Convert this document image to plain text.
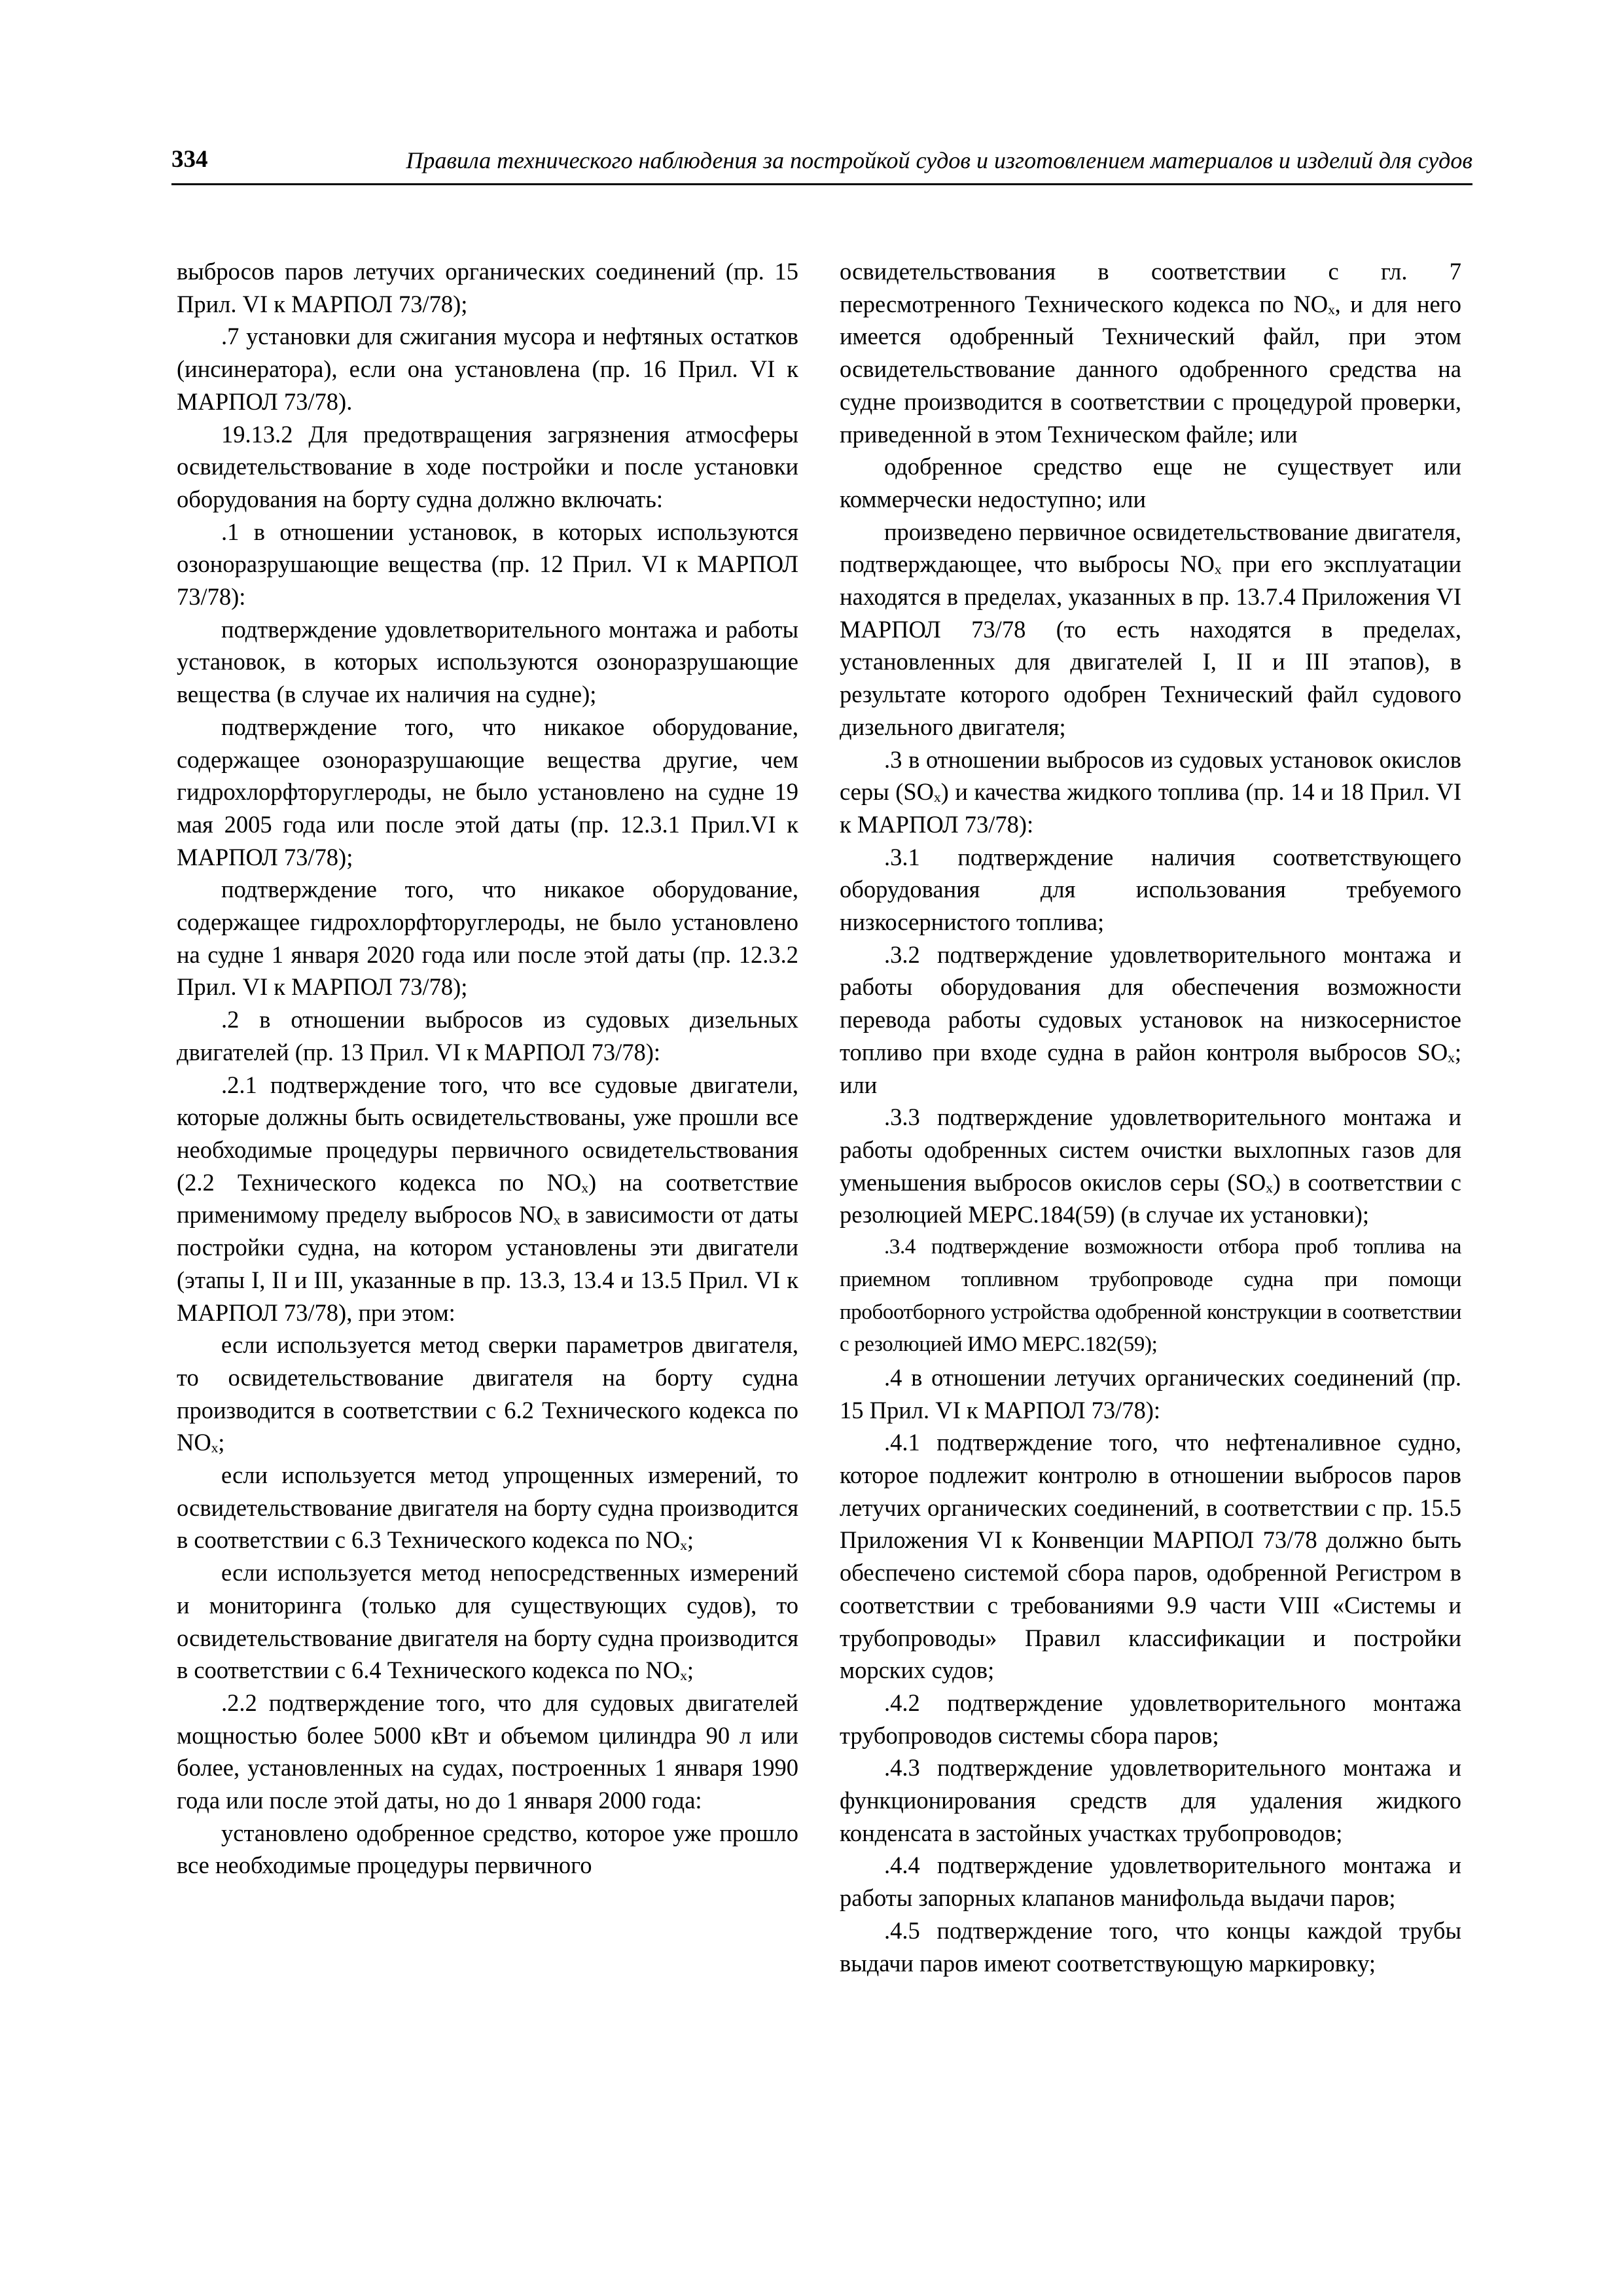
334	Правила технического наблюдения за постройкой судов и изготовлением материалов и изделий для судов

выбросов паров летучих органических соединений (пр. 15 Прил. VI к МАРПОЛ 73/78);

.7 установки для сжигания мусора и нефтяных остатков (инсинератора), если она установлена (пр. 16 Прил. VI к МАРПОЛ 73/78).

19.13.2 Для предотвращения загрязнения атмосферы освидетельствование в ходе постройки и после установки оборудования на борту судна должно включать:

.1 в отношении установок, в которых используются озоноразрушающие вещества (пр. 12 Прил. VI к МАРПОЛ 73/78):

подтверждение удовлетворительного монтажа и работы установок, в которых используются озоноразрушающие вещества (в случае их наличия на судне);

подтверждение того, что никакое оборудование, содержащее озоноразрушающие вещества другие, чем гидрохлорфторуглероды, не было установлено на судне 19 мая 2005 года или после этой даты (пр. 12.3.1 Прил.VI к МАРПОЛ 73/78);

подтверждение того, что никакое оборудование, содержащее гидрохлорфторуглероды, не было установлено на судне 1 января 2020 года или после этой даты (пр. 12.3.2 Прил. VI к МАРПОЛ 73/78);

.2 в отношении выбросов из судовых дизельных двигателей (пр. 13 Прил. VI к МАРПОЛ 73/78):

.2.1 подтверждение того, что все судовые двигатели, которые должны быть освидетельствованы, уже прошли все необходимые процедуры первичного освидетельствования (2.2 Технического кодекса по NOₓ) на соответствие применимому пределу выбросов NOₓ в зависимости от даты постройки судна, на котором установлены эти двигатели (этапы I, II и III, указанные в пр. 13.3, 13.4 и 13.5 Прил. VI к МАРПОЛ 73/78), при этом:

если используется метод сверки параметров двигателя, то освидетельствование двигателя на борту судна производится в соответствии с 6.2 Технического кодекса по NOₓ;

если используется метод упрощенных измерений, то освидетельствование двигателя на борту судна производится в соответствии с 6.3 Технического кодекса по NOₓ;

если используется метод непосредственных измерений и мониторинга (только для существующих судов), то освидетельствование двигателя на борту судна производится в соответствии с 6.4 Технического кодекса по NOₓ;

.2.2 подтверждение того, что для судовых двигателей мощностью более 5000 кВт и объемом цилиндра 90 л или более, установленных на судах, построенных 1 января 1990 года или после этой даты, но до 1 января 2000 года:

установлено одобренное средство, которое уже прошло все необходимые процедуры первичного

освидетельствования в соответствии с гл. 7 пересмотренного Технического кодекса по NOₓ, и для него имеется одобренный Технический файл, при этом освидетельствование данного одобренного средства на судне производится в соответствии с процедурой проверки, приведенной в этом Техническом файле; или

одобренное средство еще не существует или коммерчески недоступно; или

произведено первичное освидетельствование двигателя, подтверждающее, что выбросы NOₓ при его эксплуатации находятся в пределах, указанных в пр. 13.7.4 Приложения VI МАРПОЛ 73/78 (то есть находятся в пределах, установленных для двигателей I, II и III этапов), в результате которого одобрен Технический файл судового дизельного двигателя;

.3 в отношении выбросов из судовых установок окислов серы (SOₓ) и качества жидкого топлива (пр. 14 и 18 Прил. VI к МАРПОЛ 73/78):

.3.1 подтверждение наличия соответствующего оборудования для использования требуемого низкосернистого топлива;

.3.2 подтверждение удовлетворительного монтажа и работы оборудования для обеспечения возможности перевода работы судовых установок на низкосернистое топливо при входе судна в район контроля выбросов SOₓ; или

.3.3 подтверждение удовлетворительного монтажа и работы одобренных систем очистки выхлопных газов для уменьшения выбросов окислов серы (SOₓ) в соответствии с резолюцией MEPC.184(59) (в случае их установки);

.3.4 подтверждение возможности отбора проб топлива на приемном топливном трубопроводе судна при помощи пробоотборного устройства одобренной конструкции в соответствии с резолюцией ИМО MEPC.182(59);

.4 в отношении летучих органических соединений (пр. 15 Прил. VI к МАРПОЛ 73/78):

.4.1 подтверждение того, что нефтеналивное судно, которое подлежит контролю в отношении выбросов паров летучих органических соединений, в соответствии с пр. 15.5 Приложения VI к Конвенции МАРПОЛ 73/78 должно быть обеспечено системой сбора паров, одобренной Регистром в соответствии с требованиями 9.9 части VIII «Системы и трубопроводы» Правил классификации и постройки морских судов;

.4.2 подтверждение удовлетворительного монтажа трубопроводов системы сбора паров;

.4.3 подтверждение удовлетворительного монтажа и функционирования средств для удаления жидкого конденсата в застойных участках трубопроводов;

.4.4 подтверждение удовлетворительного монтажа и работы запорных клапанов манифольда выдачи паров;

.4.5 подтверждение того, что концы каждой трубы выдачи паров имеют соответствующую маркировку;
